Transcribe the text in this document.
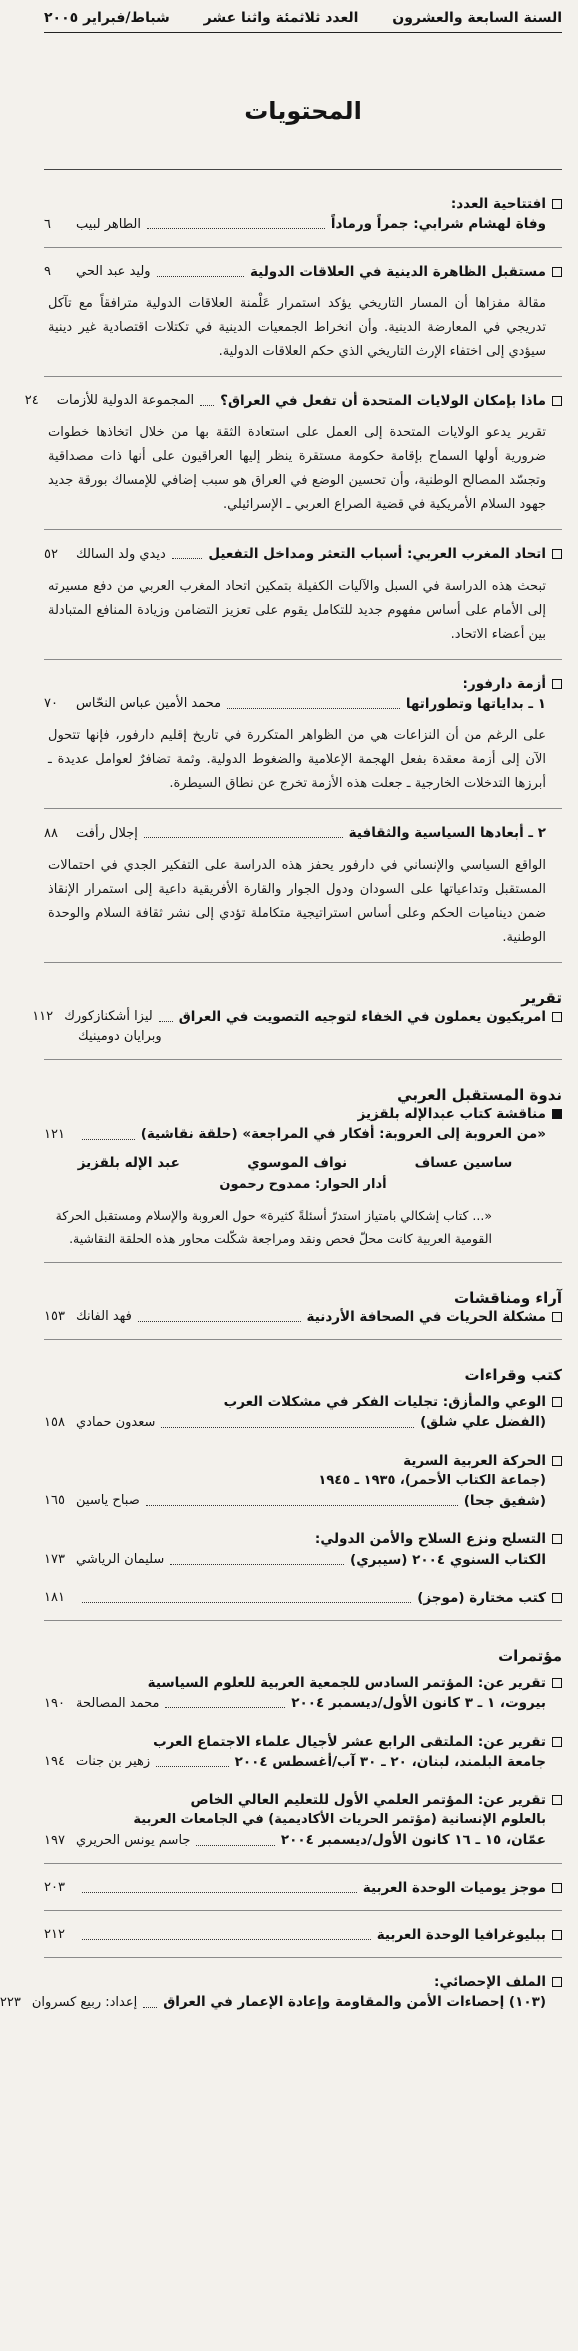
السنة السابعة والعشرون
العدد ثلاثمئة واثنا عشر
شباط/فبراير ٢٠٠٥
المحتويات
افتتاحية العدد:
وفاة لهشام شرابي: جمراً ورماداً
الطاهر لبيب
٦
مستقبل الظاهرة الدينية في العلاقات الدولية
وليد عبد الحي
٩

مقالة مفزاها أن المسار التاريخي يؤكد استمرار عَلْمنة العلاقات الدولية مترافقاً مع تآكل تدريجي في المعارضة الدينية. وأن انخراط الجمعيات الدينية في تكتلات اقتصادية غير دينية سيؤدي إلى اختفاء الإرث التاريخي الذي حكم العلاقات الدولية.

ماذا بإمكان الولايات المتحدة أن تفعل في العراق؟
المجموعة الدولية للأزمات
٢٤

تقرير يدعو الولايات المتحدة إلى العمل على استعادة الثقة بها من خلال اتخاذها خطوات ضرورية أولها السماح بإقامة حكومة مستقرة ينظر إليها العراقيون على أنها ذات مصداقية وتجسّد المصالح الوطنية، وأن تحسين الوضع في العراق هو سبب إضافي للإمساك بورقة جديد جهود السلام الأمريكية في قضية الصراع العربي ـ الإسرائيلي.

اتحاد المغرب العربي: أسباب التعثر ومداخل التفعيل
ديدي ولد السالك
٥٢

تبحث هذه الدراسة في السبل والآليات الكفيلة بتمكين اتحاد المغرب العربي من دفع مسيرته إلى الأمام على أساس مفهوم جديد للتكامل يقوم على تعزيز التضامن وزيادة المنافع المتبادلة بين أعضاء الاتحاد.

أزمة دارفور:
١ ـ بداياتها وتطوراتها
محمد الأمين عباس النحّاس
٧٠

على الرغم من أن النزاعات هي من الظواهر المتكررة في تاريخ إقليم دارفور، فإنها تتحول الآن إلى أزمة معقدة بفعل الهجمة الإعلامية والضغوط الدولية. وثمة تضافرٌ لعوامل عديدة ـ أبرزها التدخلات الخارجية ـ جعلت هذه الأزمة تخرج عن نطاق السيطرة.

٢ ـ أبعادها السياسية والثقافية
إجلال رأفت
٨٨

الواقع السياسي والإنساني في دارفور يحفز هذه الدراسة على التفكير الجدي في احتمالات المستقبل وتداعياتها على السودان ودول الجوار والقارة الأفريقية داعية إلى استمرار الإنقاذ ضمن ديناميات الحكم وعلى أساس استراتيجية متكاملة تؤدي إلى نشر ثقافة السلام والوحدة الوطنية.

تقرير
امريكيون يعملون في الخفاء لتوجيه التصويت في العراق
ليزا أشكنازكورك
١١٢
وبرايان دومينيك
ندوة المستقبل العربي
مناقشة كتاب عبدالإله بلقزيز
«من العروبة إلى العروبة: أفكار في المراجعة» (حلقة نقاشية)
١٢١
ساسين عساف
نواف الموسوي
عبد الإله بلقزيز
أدار الحوار: ممدوح رحمون

«... كتاب إشكالي بامتياز استدرّ أسئلةً كثيرة» حول العروبة والإسلام ومستقبل الحركة القومية العربية كانت محلّ فحص ونقد ومراجعة شكّلت محاور هذه الحلقة النقاشية.

آراء ومناقشات
مشكلة الحريات في الصحافة الأردنية
فهد الفانك
١٥٣
كتب وقراءات
الوعي والمأزق: تجليات الفكر في مشكلات العرب
(الفضل علي شلق)
سعدون حمادي
١٥٨
الحركة العربية السرية
(جماعة الكتاب الأحمر)، ١٩٣٥ ـ ١٩٤٥
(شفيق جحا)
صباح ياسين
١٦٥
التسلح ونزع السلاح والأمن الدولي:
الكتاب السنوي ٢٠٠٤ (سيبري)
سليمان الرياشي
١٧٣
كتب مختارة (موجز)
١٨١
مؤتمرات
تقرير عن: المؤتمر السادس للجمعية العربية للعلوم السياسية
بيروت، ١ ـ ٣ كانون الأول/ديسمبر ٢٠٠٤
محمد المصالحة
١٩٠
تقرير عن: الملتقى الرابع عشر لأجيال علماء الاجتماع العرب
جامعة البلمند، لبنان، ٢٠ ـ ٣٠ آب/أغسطس ٢٠٠٤
زهير بن جنات
١٩٤
تقرير عن: المؤتمر العلمي الأول للتعليم العالي الخاص
بالعلوم الإنسانية (مؤتمر الحريات الأكاديمية) في الجامعات العربية
عمّان، ١٥ ـ ١٦ كانون الأول/ديسمبر ٢٠٠٤
جاسم يونس الحريري
١٩٧
موجز يوميات الوحدة العربية
٢٠٣
ببليوغرافيا الوحدة العربية
٢١٢
الملف الإحصائي:
(١٠٣) إحصاءات الأمن والمقاومة وإعادة الإعمار في العراق
إعداد: ربيع كسروان
٢٢٣
